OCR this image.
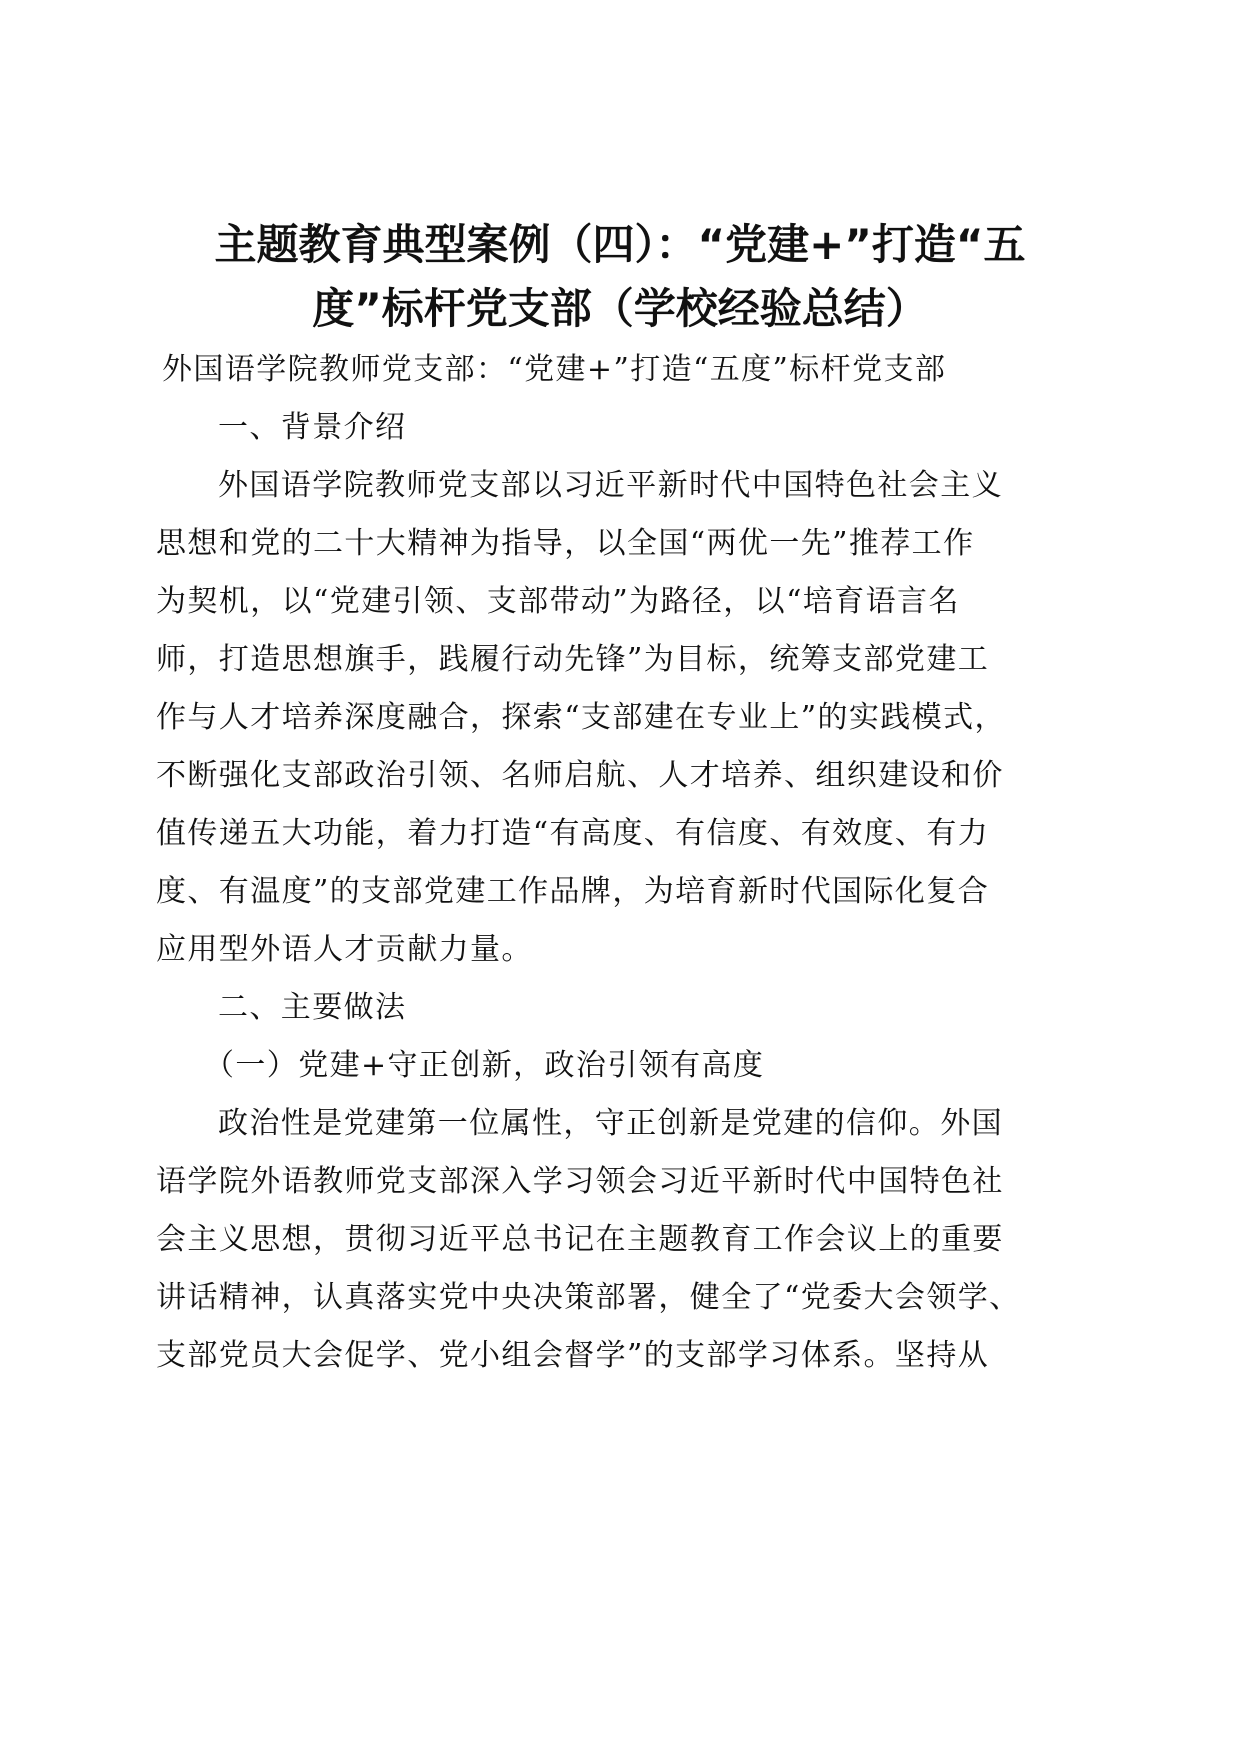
主题教育典型案例（四）：“党建+”打造“五
度”标杆党支部（学校经验总结）
外国语学院教师党支部：“党建+”打造“五度”标杆党支部
一、背景介绍
外国语学院教师党支部以习近平新时代中国特色社会主义
思想和党的二十大精神为指导，以全国“两优一先”推荐工作
为契机，以“党建引领、支部带动”为路径，以“培育语言名
师，打造思想旗手，践履行动先锋”为目标，统筹支部党建工
作与人才培养深度融合，探索“支部建在专业上”的实践模式，
不断强化支部政治引领、名师启航、人才培养、组织建设和价
值传递五大功能，着力打造“有高度、有信度、有效度、有力
度、有温度”的支部党建工作品牌，为培育新时代国际化复合
应用型外语人才贡献力量。
二、主要做法
（一）党建+守正创新，政治引领有高度
政治性是党建第一位属性，守正创新是党建的信仰。外国
语学院外语教师党支部深入学习领会习近平新时代中国特色社
会主义思想，贯彻习近平总书记在主题教育工作会议上的重要
讲话精神，认真落实党中央决策部署，健全了“党委大会领学、
支部党员大会促学、党小组会督学”的支部学习体系。坚持从
